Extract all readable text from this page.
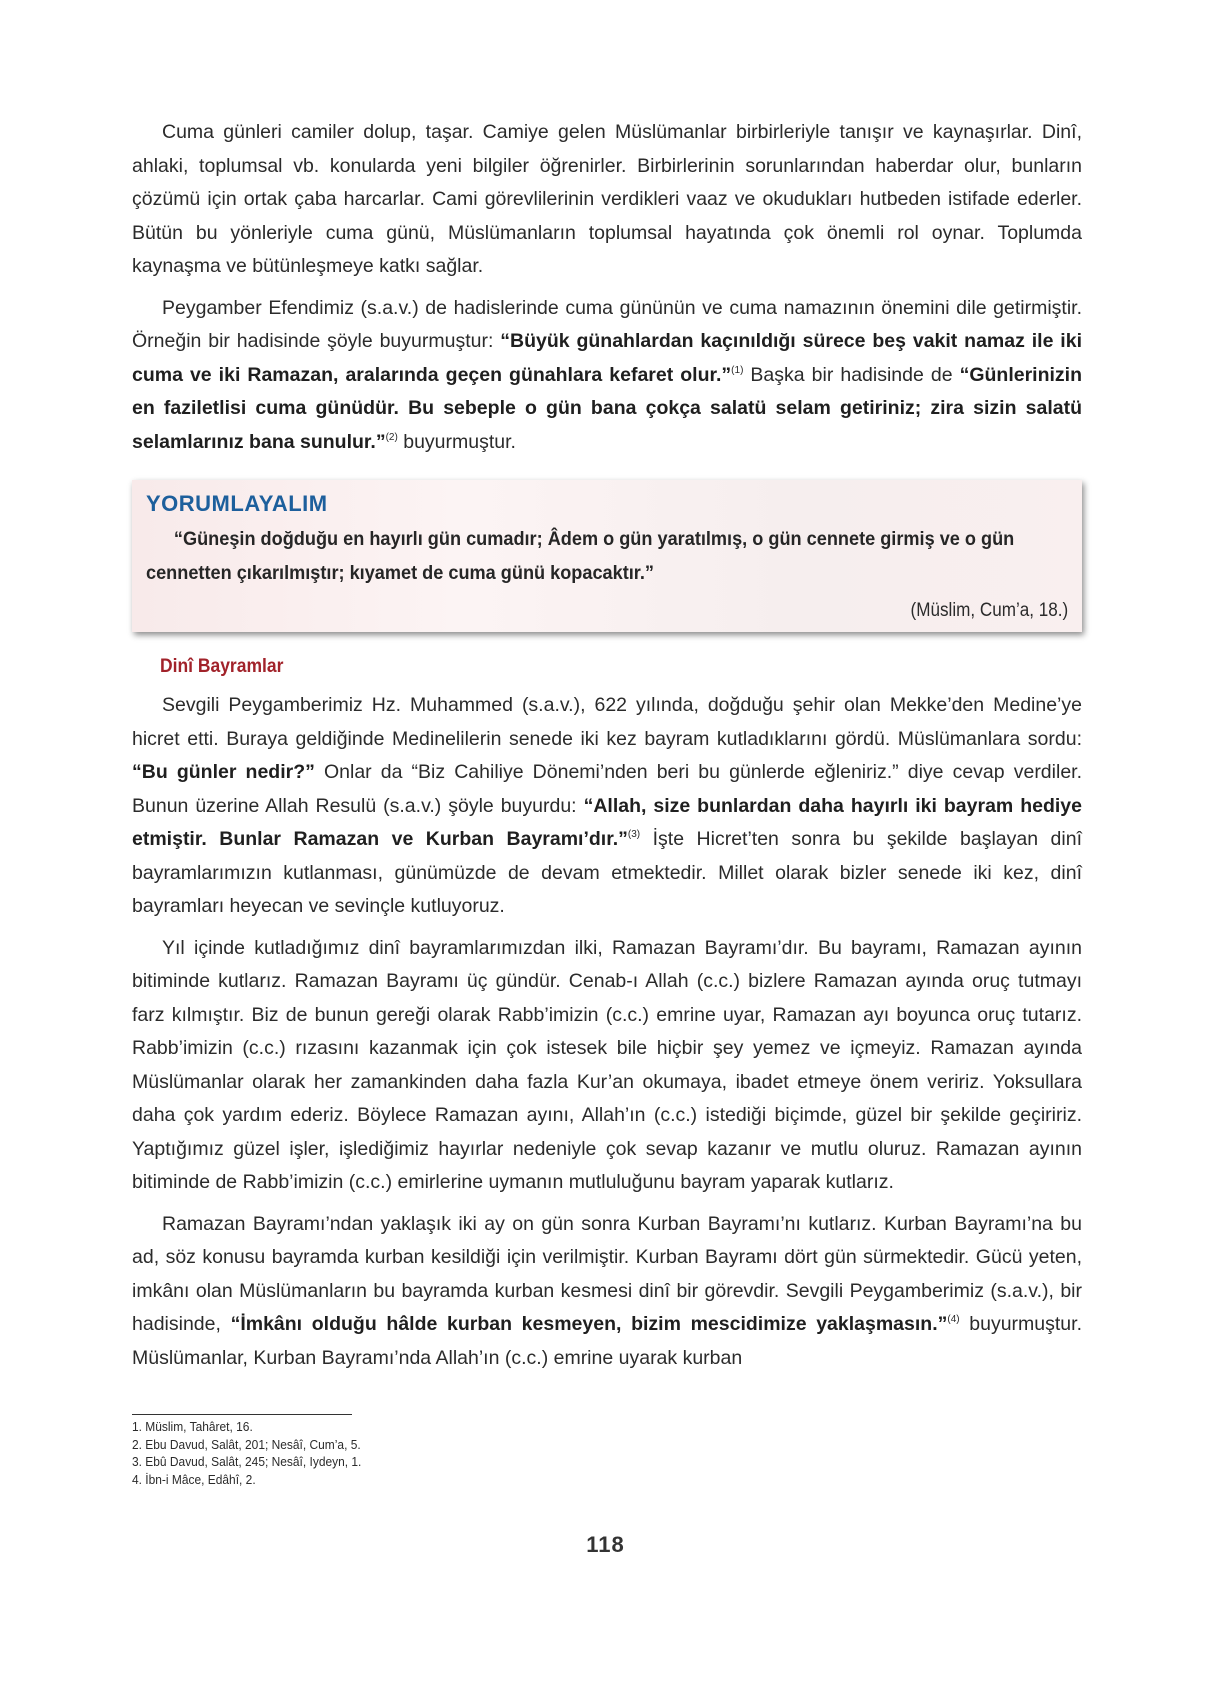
Cuma günleri camiler dolup, taşar. Camiye gelen Müslümanlar birbirleriyle tanışır ve kaynaşırlar. Dinî, ahlaki, toplumsal vb. konularda yeni bilgiler öğrenirler. Birbirlerinin sorunlarından haberdar olur, bunların çözümü için ortak çaba harcarlar. Cami görevlilerinin verdikleri vaaz ve okudukları hutbeden istifade ederler. Bütün bu yönleriyle cuma günü, Müslümanların toplumsal hayatında çok önemli rol oynar. Toplumda kaynaşma ve bütünleşmeye katkı sağlar.

Peygamber Efendimiz (s.a.v.) de hadislerinde cuma gününün ve cuma namazının önemini dile getirmiştir. Örneğin bir hadisinde şöyle buyurmuştur: “Büyük günahlardan kaçınıldığı sürece beş vakit namaz ile iki cuma ve iki Ramazan, aralarında geçen günahlara kefaret olur.”$^{(1)}$ Başka bir hadisinde de “Günlerinizin en faziletlisi cuma günüdür. Bu sebeple o gün bana çokça salatü selam getiriniz; zira sizin salatü selamlarınız bana sunulur.”$^{(2)}$ buyurmuştur.

YORUMLAYALIM
“Güneşin doğduğu en hayırlı gün cumadır; Âdem o gün yaratılmış, o gün cennete girmiş ve o gün cennetten çıkarılmıştır; kıyamet de cuma günü kopacaktır.”
(Müslim, Cum’a, 18.)
Dinî Bayramlar

Sevgili Peygamberimiz Hz. Muhammed (s.a.v.), 622 yılında, doğduğu şehir olan Mekke’den Medine’ye hicret etti. Buraya geldiğinde Medinelilerin senede iki kez bayram kutladıklarını gördü. Müslümanlara sordu: “Bu günler nedir?” Onlar da “Biz Cahiliye Dönemi’nden beri bu günlerde eğleniriz.” diye cevap verdiler. Bunun üzerine Allah Resulü (s.a.v.) şöyle buyurdu: “Allah, size bunlardan daha hayırlı iki bayram hediye etmiştir. Bunlar Ramazan ve Kurban Bayramı’dır.”$^{(3)}$ İşte Hicret’ten sonra bu şekilde başlayan dinî bayramlarımızın kutlanması, günümüzde de devam etmektedir. Millet olarak bizler senede iki kez, dinî bayramları heyecan ve sevinçle kutluyoruz.

Yıl içinde kutladığımız dinî bayramlarımızdan ilki, Ramazan Bayramı’dır. Bu bayramı, Ramazan ayının bitiminde kutlarız. Ramazan Bayramı üç gündür. Cenab-ı Allah (c.c.) bizlere Ramazan ayında oruç tutmayı farz kılmıştır. Biz de bunun gereği olarak Rabb’imizin (c.c.) emrine uyar, Ramazan ayı boyunca oruç tutarız. Rabb’imizin (c.c.) rızasını kazanmak için çok istesek bile hiçbir şey yemez ve içmeyiz. Ramazan ayında Müslümanlar olarak her zamankinden daha fazla Kur’an okumaya, ibadet etmeye önem veririz. Yoksullara daha çok yardım ederiz. Böylece Ramazan ayını, Allah’ın (c.c.) istediği biçimde, güzel bir şekilde geçiririz. Yaptığımız güzel işler, işlediğimiz hayırlar nedeniyle çok sevap kazanır ve mutlu oluruz. Ramazan ayının bitiminde de Rabb’imizin (c.c.) emirlerine uymanın mutluluğunu bayram yaparak kutlarız.

Ramazan Bayramı’ndan yaklaşık iki ay on gün sonra Kurban Bayramı’nı kutlarız. Kurban Bayramı’na bu ad, söz konusu bayramda kurban kesildiği için verilmiştir. Kurban Bayramı dört gün sürmektedir. Gücü yeten, imkânı olan Müslümanların bu bayramda kurban kesmesi dinî bir görevdir. Sevgili Peygamberimiz (s.a.v.), bir hadisinde, “İmkânı olduğu hâlde kurban kesmeyen, bizim mescidimize yaklaşmasın.”$^{(4)}$ buyurmuştur. Müslümanlar, Kurban Bayramı’nda Allah’ın (c.c.) emrine uyarak kurban

1. Müslim, Tahâret, 16.
2. Ebu Davud, Salât, 201; Nesâî, Cum’a, 5.
3. Ebû Davud, Salât, 245; Nesâî, Iydeyn, 1.
4. İbn-i Mâce, Edâhî, 2.
118
